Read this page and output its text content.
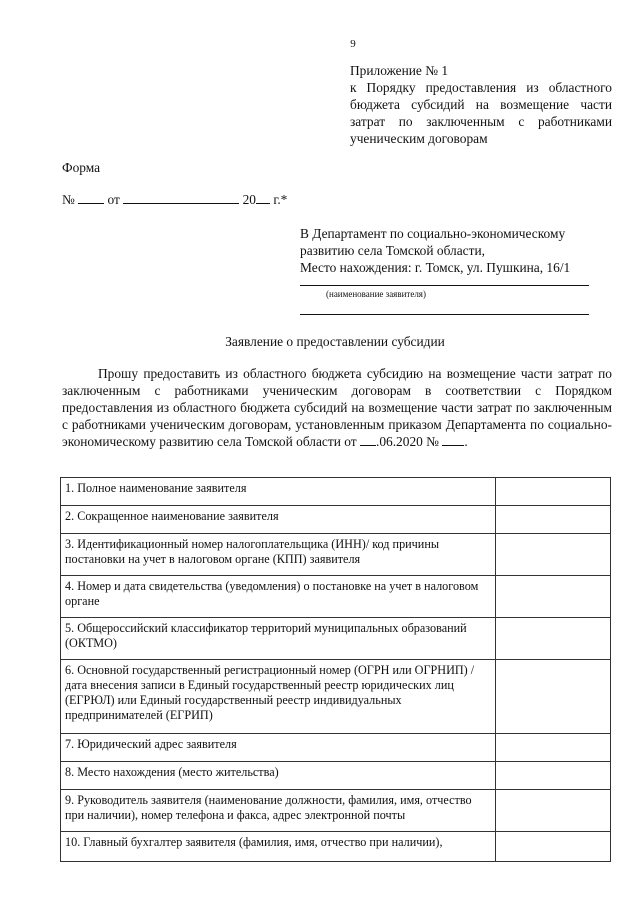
9
Приложение № 1
к Порядку предоставления из областного
бюджета субсидий на возмещение части
затрат по заключенным с работниками
ученическим договорам
Форма
№ от	20 г.*
В Департамент по социально-экономическому
развитию села Томской области,
Место нахождения: г. Томск, ул. Пушкина, 16/1
(наименование заявителя)
Заявление о предоставлении субсидии
Прошу предоставить из областного бюджета субсидию на возмещение части затрат по заключенным с работниками ученическим договорам в соответствии с Порядком предоставления из областного бюджета субсидий на возмещение части затрат по заключенным с работниками ученическим договорам, установленным приказом Департамента по социально-экономическому развитию села Томской области от .06.2020 № .
1. Полное наименование заявителя	
2. Сокращенное наименование заявителя	
3. Идентификационный номер налогоплательщика (ИНН)/ код причины постановки на учет в налоговом органе (КПП) заявителя	
4. Номер и дата свидетельства (уведомления) о постановке на учет в налоговом органе	
5. Общероссийский классификатор территорий муниципальных образований (ОКТМО)	
6. Основной государственный регистрационный номер (ОГРН или ОГРНИП) / дата внесения записи в Единый государственный реестр юридических лиц (ЕГРЮЛ) или Единый государственный реестр индивидуальных предпринимателей (ЕГРИП)	
7. Юридический адрес заявителя	
8. Место нахождения (место жительства)	
9. Руководитель заявителя (наименование должности, фамилия, имя, отчество при наличии), номер телефона и факса, адрес электронной почты	
10. Главный бухгалтер заявителя (фамилия, имя, отчество при наличии),	
